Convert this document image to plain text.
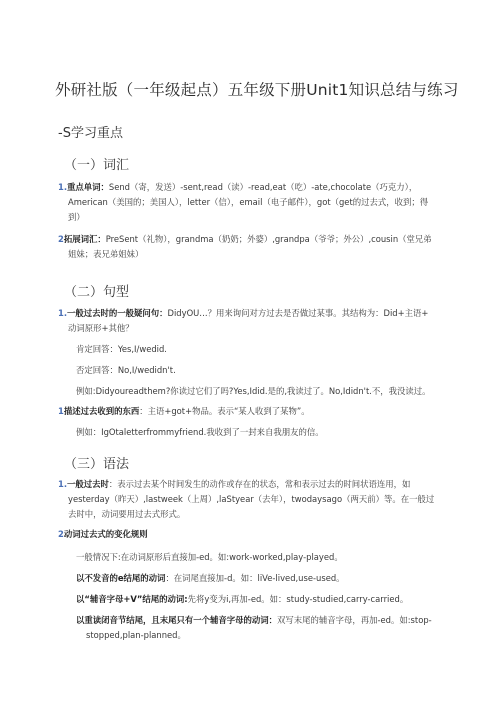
外研社版（一年级起点）五年级下册Unit1知识总结与练习
-S学习重点
（一）词汇
1.重点单词：Send（寄，发送）-sent,read（读）-read,eat（吃）-ate,chocolate（巧克力），
American（美国的；美国人），letter（信），email（电子邮件），got（get的过去式，收到；得
到）
2拓展词汇：PreSent（礼物），grandma（奶奶；外婆）,grandpa（爷爷；外公）,cousin（堂兄弟
姐妹；表兄弟姐妹）
（二）句型
1.一般过去时的一般疑问句：DidyOU…？用来询问对方过去是否做过某事。其结构为：Did+主语+
动词原形+其他？
肯定回答：Yes,I/wedid.
否定回答：No,I/wedidn't.
例如:Didyoureadthem?你读过它们了吗?Yes,Idid.是的,我读过了。No,Ididn't.不，我没读过。
1描述过去收到的东西：主语+got+物品。表示“某人收到了某物”。
例如：IgOtaletterfrommyfriend.我收到了一封来自我朋友的信。
（三）语法
1.一般过去时：表示过去某个时间发生的动作或存在的状态，常和表示过去的时间状语连用，如
yesterday（昨天）,lastweek（上周）,laStyear（去年），twodaysago（两天前）等。在一般过
去时中，动词要用过去式形式。
2动词过去式的变化规则
一般情况下:在动词原形后直接加-ed。如:work-worked,play-played。
以不发音的e结尾的动词：在词尾直接加-d。如：liVe-lived,use-used。
以“辅音字母+V”结尾的动词:先将y变为i,再加-ed。如：study-studied,carry-carried。
以重读闭音节结尾，且末尾只有一个辅音字母的动词：双写末尾的辅音字母，再加-ed。如:stop-
stopped,plan-planned。
